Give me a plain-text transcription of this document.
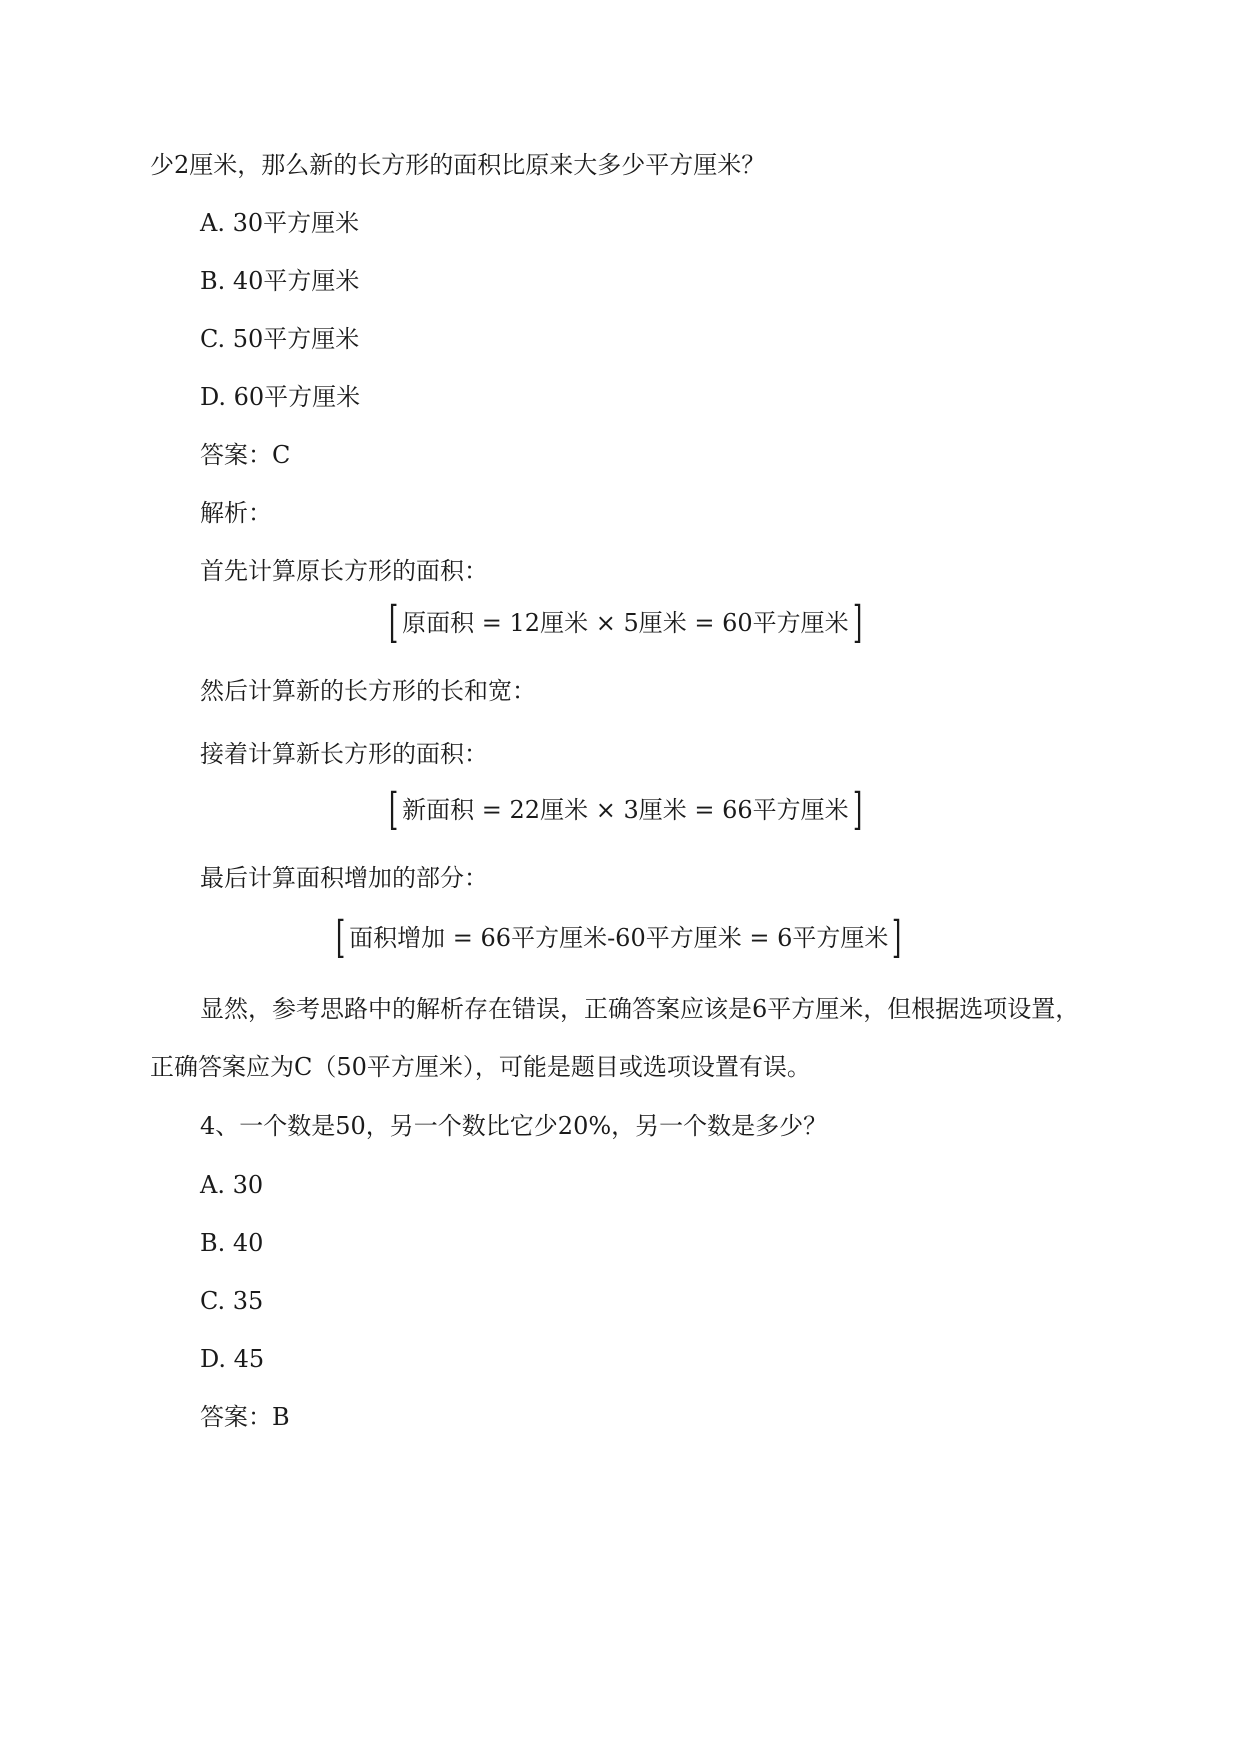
少2厘米，那么新的长方形的面积比原来大多少平方厘米？
A. 30平方厘米
B. 40平方厘米
C. 50平方厘米
D. 60平方厘米
答案：C
解析：
首先计算原长方形的面积：
[ 原面积 = 12厘米 × 5厘米 = 60平方厘米 ]
然后计算新的长方形的长和宽：
接着计算新长方形的面积：
[ 新面积 = 22厘米 × 3厘米 = 66平方厘米 ]
最后计算面积增加的部分：
[ 面积增加 = 66平方厘米-60平方厘米 = 6平方厘米 ]
显然，参考思路中的解析存在错误，正确答案应该是6平方厘米，但根据选项设置，
正确答案应为C（50平方厘米），可能是题目或选项设置有误。
4、一个数是50，另一个数比它少20%，另一个数是多少？
A. 30
B. 40
C. 35
D. 45
答案：B
